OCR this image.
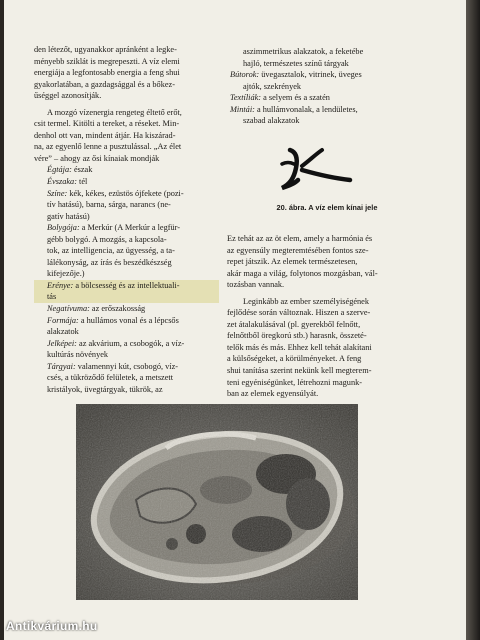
den létezőt, ugyanakkor apránként a legke-

ményebb sziklát is megrepeszti. A víz elemi

energiája a legfontosabb energia a feng shui

gyakorlatában, a gazdagsággal és a bőkez-

űséggel azonosítják.

A mozgó vízenergia rengeteg éltető erőt,

csit termel. Kitölti a tereket, a réseket. Min-

denhol ott van, mindent átjár. Ha kiszárad-

na, az egyenlő lenne a pusztulással. „Az élet

vére” – ahogy az ősi kínaiak mondják

Égtája: észak

Évszaka: tél

Színe: kék, kékes, ezüstös ójfekete (pozi-

tív hatású), barna, sárga, narancs (ne-

gatív hatású)

Bolygója: a Merkúr (A Merkúr a legfür-

gébb bolygó. A mozgás, a kapcsola-

tok, az intelligencia, az ügyesség, a ta-

lálékonyság, az írás és beszédkészség

kifejezője.)

Erénye: a bölcsesség és az intellektuali-

tás

Negatívuma: az erőszakosság

Formája: a hullámos vonal és a lépcsős

alakzatok

Jelképei: az akvárium, a csobogók, a víz-

kultúrás növények

Tárgyai: valamennyi kút, csobogó, víz-

csés, a tükröződő felületek, a metszett

kristályok, üvegtárgyak, tükrök, az

aszimmetrikus alakzatok, a feketébe

hajló, természetes színű tárgyak

Bútorok: üvegasztalok, vitrinek, üveges

ajtók, szekrények

Textíliák: a selyem és a szatén

Mintái: a hullámvonalak, a lendületes,

szabad alakzatok

20. ábra. A víz elem kínai jele

Ez tehát az az öt elem, amely a harmónia és

az egyensúly megteremtésében fontos sze-

repet játszik. Az elemek természetesen,

akár maga a világ, folytonos mozgásban, vál-

tozásban vannak.

Leginkább az ember személyiségének

fejlődése során változnak. Hiszen a szerve-

zet átalakulásával (pl. gyerekből felnőtt,

felnőttből öregkorú stb.) harasnk, összeté-

telők más és más. Ehhez kell tehát alakítani

a külsőségeket, a körülményeket. A feng

shui tanítása szerint nekünk kell megterem-

teni egyéniségünket, létrehozni magunk-

ban az elemek egyensúlyát.

Antikvárium.hu
